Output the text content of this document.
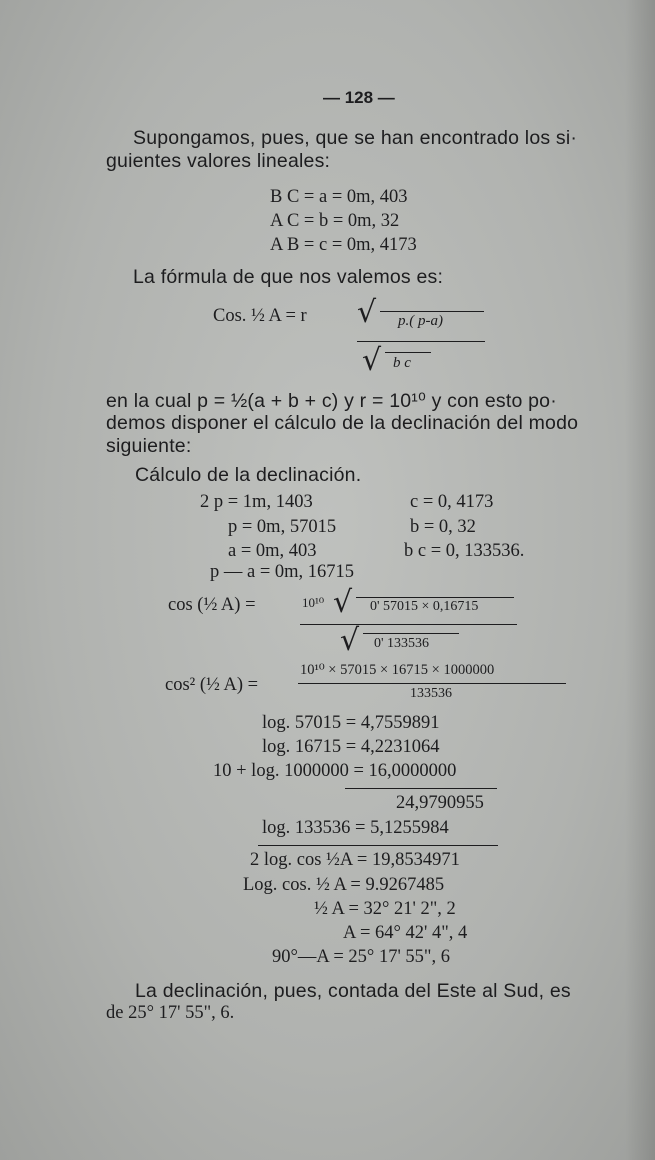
— 128 —
Supongamos, pues, que se han encontrado los si·
guientes valores lineales:
B C = a = 0m, 403
A C = b = 0m, 32
A B = c = 0m, 4173
La fórmula de que nos valemos es:
Cos. ½ A = r √ p.( p-a)
√ b c
en la cual p = ½(a + b + c) y r = 10¹⁰ y con esto po·
demos disponer el cálculo de la declinación del modo
siguiente:
Cálculo de la declinación.
2 p = 1m, 1403
p = 0m, 57015
a = 0m, 403
p — a = 0m, 16715
c = 0, 4173
b = 0, 32
b c = 0, 133536.
cos (½ A) =	10¹⁰ √ 0' 57015 × 0,16715
√ 0' 133536
cos² (½ A) =
10¹⁰ × 57015 × 16715 × 1000000
133536
log. 57015 = 4,7559891
log. 16715 = 4,2231064
10 + log. 1000000 = 16,0000000
24,9790955
log. 133536 = 5,1255984
2 log. cos ½A = 19,8534971
Log. cos. ½ A = 9.9267485
½ A = 32° 21' 2", 2
A = 64° 42' 4", 4
90°—A = 25° 17' 55", 6
La declinación, pues, contada del Este al Sud, es
de 25° 17' 55", 6.
